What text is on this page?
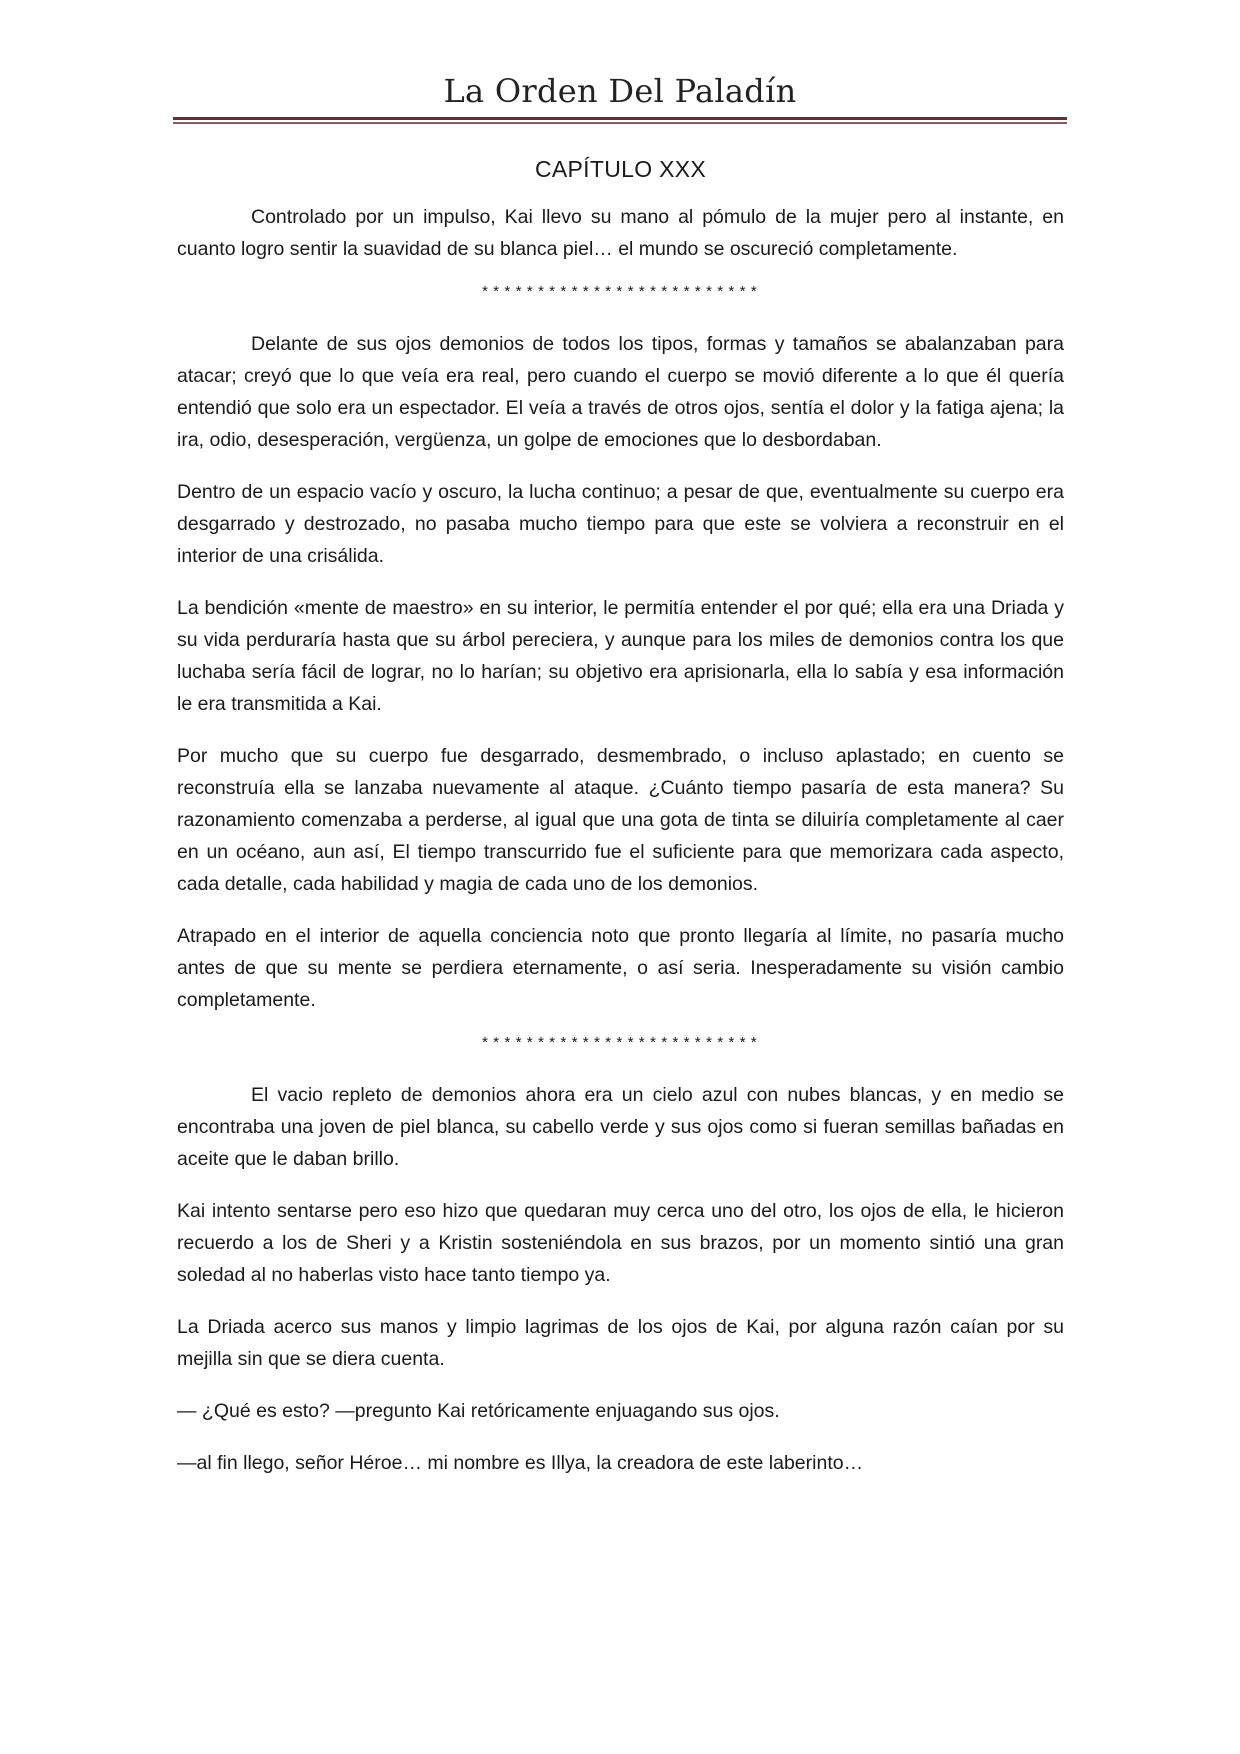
La Orden Del Paladín
CAPÍTULO XXX

Controlado por un impulso, Kai llevo su mano al pómulo de la mujer pero al instante, en cuanto logro sentir la suavidad de su blanca piel… el mundo se oscureció completamente.

*************************

Delante de sus ojos demonios de todos los tipos, formas y tamaños se abalanzaban para atacar; creyó que lo que veía era real, pero cuando el cuerpo se movió diferente a lo que él quería entendió que solo era un espectador. El veía a través de otros ojos, sentía el dolor y la fatiga ajena; la ira, odio, desesperación, vergüenza, un golpe de emociones que lo desbordaban.

Dentro de un espacio vacío y oscuro, la lucha continuo; a pesar de que, eventualmente su cuerpo era desgarrado y destrozado, no pasaba mucho tiempo para que este se volviera a reconstruir en el interior de una crisálida.

La bendición «mente de maestro» en su interior, le permitía entender el por qué; ella era una Driada y su vida perduraría hasta que su árbol pereciera, y aunque para los miles de demonios contra los que luchaba sería fácil de lograr, no lo harían; su objetivo era aprisionarla, ella lo sabía y esa información le era transmitida a Kai.

Por mucho que su cuerpo fue desgarrado, desmembrado, o incluso aplastado; en cuento se reconstruía ella se lanzaba nuevamente al ataque. ¿Cuánto tiempo pasaría de esta manera? Su razonamiento comenzaba a perderse, al igual que una gota de tinta se diluiría completamente al caer en un océano, aun así, El tiempo transcurrido fue el suficiente para que memorizara cada aspecto, cada detalle, cada habilidad y magia de cada uno de los demonios.

Atrapado en el interior de aquella conciencia noto que pronto llegaría al límite, no pasaría mucho antes de que su mente se perdiera eternamente, o así seria. Inesperadamente su visión cambio completamente.

*************************

El vacio repleto de demonios ahora era un cielo azul con nubes blancas, y en medio se encontraba una joven de piel blanca, su cabello verde y sus ojos como si fueran semillas bañadas en aceite que le daban brillo.

Kai intento sentarse pero eso hizo que quedaran muy cerca uno del otro, los ojos de ella, le hicieron recuerdo a los de Sheri y a Kristin sosteniéndola en sus brazos, por un momento sintió una gran soledad al no haberlas visto hace tanto tiempo ya.

La Driada acerco sus manos y limpio lagrimas de los ojos de Kai, por alguna razón caían por su mejilla sin que se diera cuenta.

— ¿Qué es esto? —pregunto Kai retóricamente enjuagando sus ojos.

—al fin llego, señor Héroe… mi nombre es Illya, la creadora de este laberinto…
